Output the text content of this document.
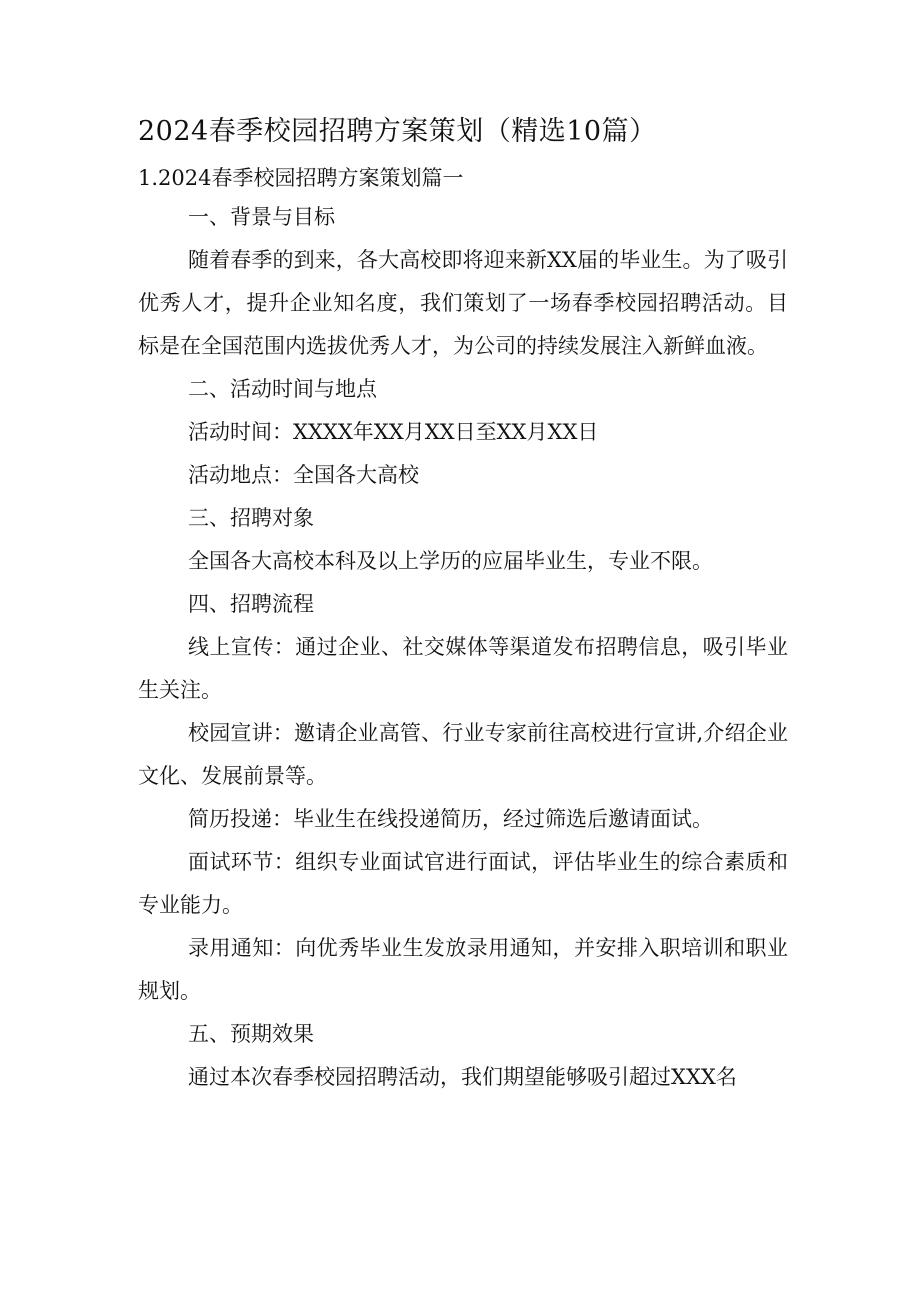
2024春季校园招聘方案策划（精选10篇）
1.2024春季校园招聘方案策划篇一

一、背景与目标

随着春季的到来，各大高校即将迎来新XX届的毕业生。为了吸引优秀人才，提升企业知名度，我们策划了一场春季校园招聘活动。目标是在全国范围内选拔优秀人才，为公司的持续发展注入新鲜血液。

二、活动时间与地点

活动时间：XXXX年XX月XX日至XX月XX日

活动地点：全国各大高校

三、招聘对象

全国各大高校本科及以上学历的应届毕业生，专业不限。

四、招聘流程

线上宣传：通过企业、社交媒体等渠道发布招聘信息，吸引毕业生关注。

校园宣讲：邀请企业高管、行业专家前往高校进行宣讲,介绍企业文化、发展前景等。

简历投递：毕业生在线投递简历，经过筛选后邀请面试。

面试环节：组织专业面试官进行面试，评估毕业生的综合素质和专业能力。

录用通知：向优秀毕业生发放录用通知，并安排入职培训和职业规划。

五、预期效果

通过本次春季校园招聘活动，我们期望能够吸引超过XXX名
